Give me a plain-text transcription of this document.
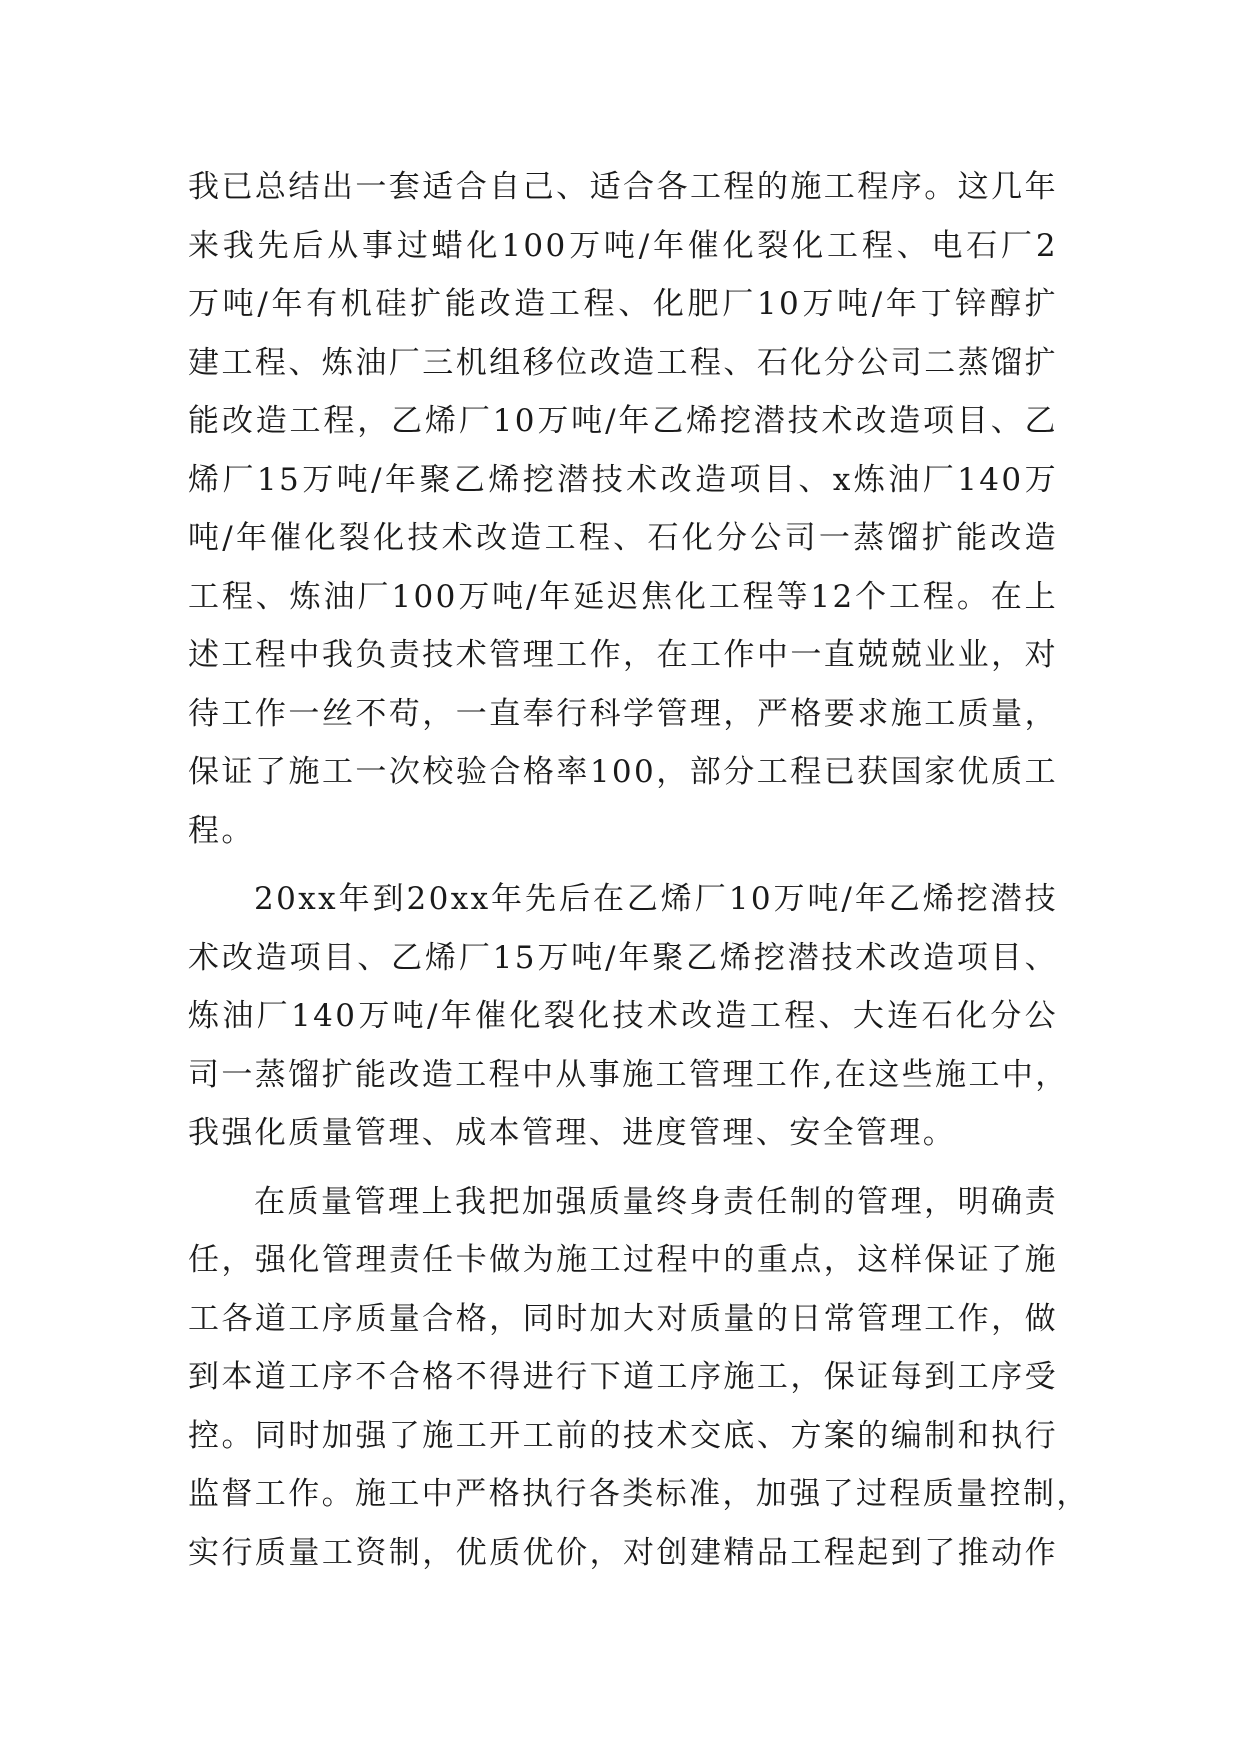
我已总结出一套适合自己、适合各工程的施工程序。这几年
来我先后从事过蜡化100万吨/年催化裂化工程、电石厂2
万吨/年有机硅扩能改造工程、化肥厂10万吨/年丁锌醇扩
建工程、炼油厂三机组移位改造工程、石化分公司二蒸馏扩
能改造工程，乙烯厂10万吨/年乙烯挖潜技术改造项目、乙
烯厂15万吨/年聚乙烯挖潜技术改造项目、x炼油厂140万
吨/年催化裂化技术改造工程、石化分公司一蒸馏扩能改造
工程、炼油厂100万吨/年延迟焦化工程等12个工程。在上
述工程中我负责技术管理工作，在工作中一直兢兢业业，对
待工作一丝不苟，一直奉行科学管理，严格要求施工质量，
保证了施工一次校验合格率100，部分工程已获国家优质工
程。
20xx年到20xx年先后在乙烯厂10万吨/年乙烯挖潜技
术改造项目、乙烯厂15万吨/年聚乙烯挖潜技术改造项目、
炼油厂140万吨/年催化裂化技术改造工程、大连石化分公
司一蒸馏扩能改造工程中从事施工管理工作,在这些施工中，
我强化质量管理、成本管理、进度管理、安全管理。
在质量管理上我把加强质量终身责任制的管理，明确责
任，强化管理责任卡做为施工过程中的重点，这样保证了施
工各道工序质量合格，同时加大对质量的日常管理工作，做
到本道工序不合格不得进行下道工序施工，保证每到工序受
控。同时加强了施工开工前的技术交底、方案的编制和执行
监督工作。施工中严格执行各类标准，加强了过程质量控制，
实行质量工资制，优质优价，对创建精品工程起到了推动作
